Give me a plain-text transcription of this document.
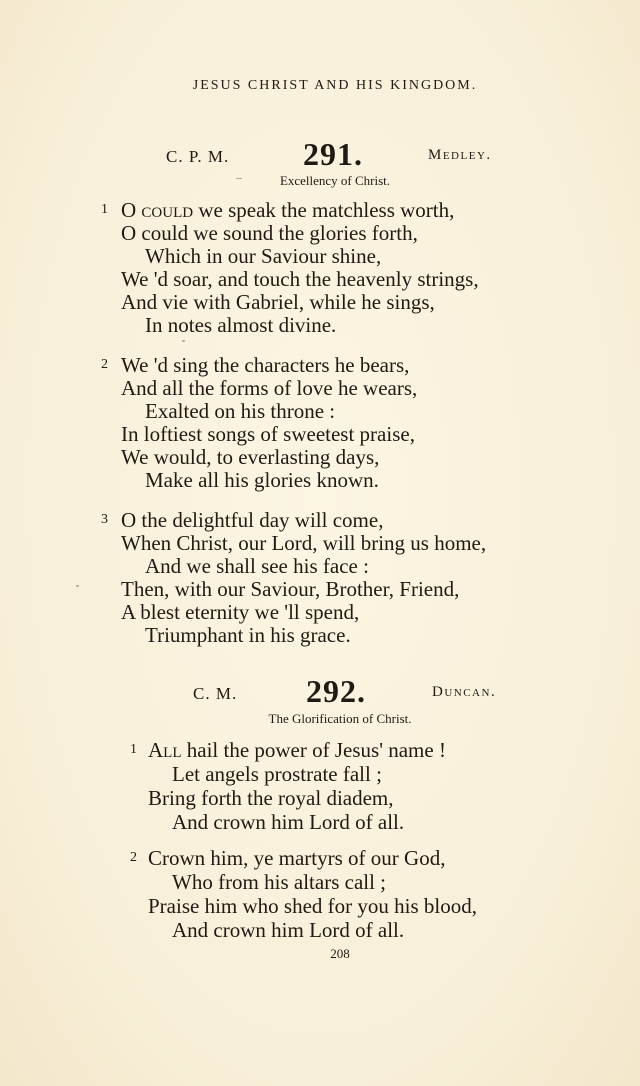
JESUS CHRIST AND HIS KINGDOM.
C. P. M. 291.	Medley.
Excellency of Christ.
1 O could we speak the matchless worth,
O could we sound the glories forth,
Which in our Saviour shine,
We 'd soar, and touch the heavenly strings,
And vie with Gabriel, while he sings,
In notes almost divine.
2 We 'd sing the characters he bears,
And all the forms of love he wears,
Exalted on his throne :
In loftiest songs of sweetest praise,
We would, to everlasting days,
Make all his glories known.
3 O the delightful day will come,
When Christ, our Lord, will bring us home,
And we shall see his face :
Then, with our Saviour, Brother, Friend,
A blest eternity we 'll spend,
Triumphant in his grace.
C. M. 292.	Duncan.
The Glorification of Christ.
1 All hail the power of Jesus' name !
Let angels prostrate fall ;
Bring forth the royal diadem,
And crown him Lord of all.
2 Crown him, ye martyrs of our God,
Who from his altars call ;
Praise him who shed for you his blood,
And crown him Lord of all.
208
